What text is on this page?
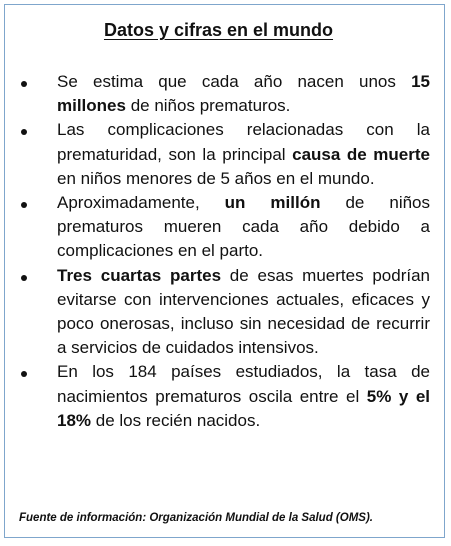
Datos y cifras en el mundo
Se estima que cada año nacen unos 15 millones de niños prematuros.
Las complicaciones relacionadas con la prematuridad, son la principal causa de muerte en niños menores de 5 años en el mundo.
Aproximadamente, un millón de niños prematuros mueren cada año debido a complicaciones en el parto.
Tres cuartas partes de esas muertes podrían evitarse con intervenciones actuales, eficaces y poco onerosas, incluso sin necesidad de recurrir a servicios de cuidados intensivos.
En los 184 países estudiados, la tasa de nacimientos prematuros oscila entre el 5% y el 18% de los recién nacidos.
Fuente de información: Organización Mundial de la Salud (OMS).
